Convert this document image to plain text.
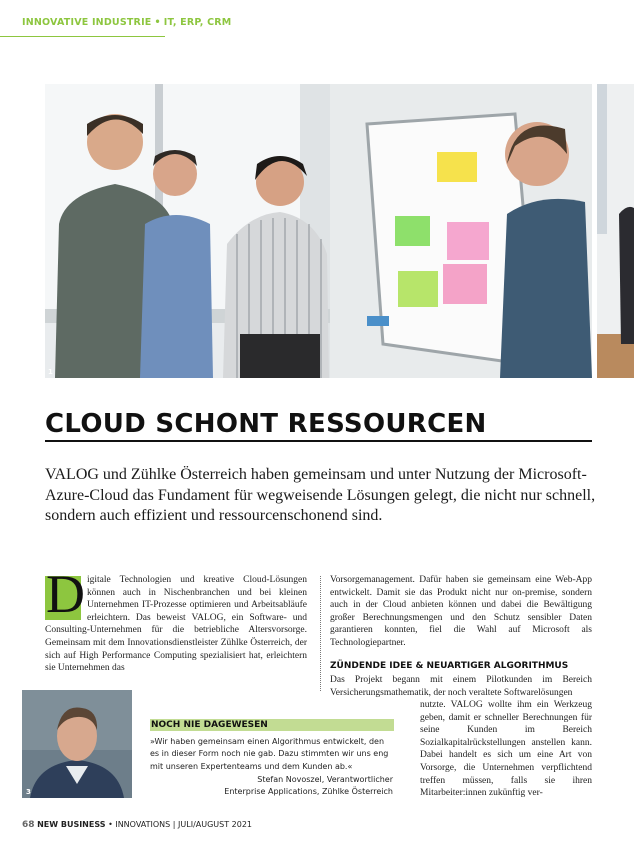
INNOVATIVE INDUSTRIE • IT, ERP, CRM
1
CLOUD SCHONT RESSOURCEN
VALOG und Zühlke Österreich haben gemeinsam und unter Nutzung der Microsoft-Azure-Cloud das Fundament für wegweisende Lösungen gelegt, die nicht nur schnell, sondern auch effizient und ressourcenschonend sind.
D igitale Technologien und kreative Cloud-Lösungen können auch in Nischenbranchen und bei kleinen Unternehmen IT-Prozesse optimieren und Arbeitsabläufe erleichtern. Das beweist VALOG, ein Software- und Consulting-Unternehmen für die betriebliche Altersvorsorge. Gemeinsam mit dem Innovationsdienstleister Zühlke Österreich, der sich auf High Performance Computing spezialisiert hat, erleichtern sie Unternehmen das

Vorsorgemanagement. Dafür haben sie gemeinsam eine Web-App entwickelt. Damit sie das Produkt nicht nur on-premise, sondern auch in der Cloud anbieten können und dabei die Bewältigung großer Berechnungsmengen und den Schutz sensibler Daten garantieren konnten, fiel die Wahl auf Microsoft als Technologiepartner.

ZÜNDENDE IDEE & NEUARTIGER ALGORITHMUS
Das Projekt begann mit einem Pilotkunden im Bereich Versicherungsmathematik, der noch veraltete Softwarelösungen
nutzte. VALOG wollte ihm ein Werkzeug geben, damit er schneller Berechnungen für seine Kunden im Bereich Sozialkapitalrückstellungen anstellen kann. Dabei handelt es sich um eine Art von Vorsorge, die Unternehmen verpflichtend treffen müssen, falls sie ihren Mitarbeiter:innen zukünftig ver-
3
NOCH NIE DAGEWESEN
»Wir haben gemeinsam einen Algorithmus entwickelt, den es in dieser Form noch nie gab. Dazu stimmten wir uns eng mit unseren Expertenteams und dem Kunden ab.«
Stefan Novoszel, Verantwortlicher
Enterprise Applications, Zühlke Österreich
68 NEW BUSINESS • INNOVATIONS | JULI/AUGUST 2021
